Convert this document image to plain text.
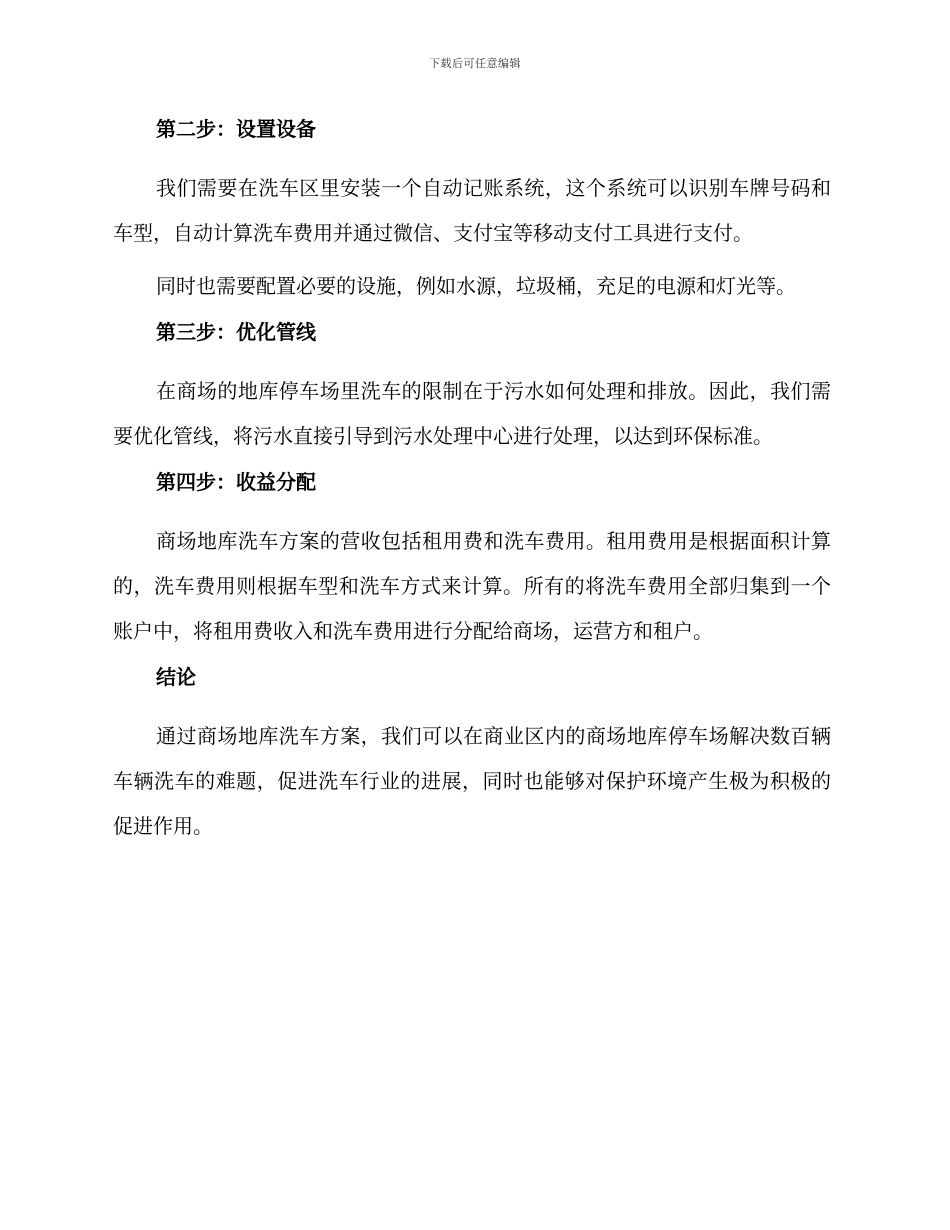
下载后可任意编辑
第二步：设置设备

我们需要在洗车区里安装一个自动记账系统，这个系统可以识别车牌号码和车型，自动计算洗车费用并通过微信、支付宝等移动支付工具进行支付。

同时也需要配置必要的设施，例如水源，垃圾桶，充足的电源和灯光等。

第三步：优化管线

在商场的地库停车场里洗车的限制在于污水如何处理和排放。因此，我们需要优化管线，将污水直接引导到污水处理中心进行处理，以达到环保标准。

第四步：收益分配

商场地库洗车方案的营收包括租用费和洗车费用。租用费用是根据面积计算的，洗车费用则根据车型和洗车方式来计算。所有的将洗车费用全部归集到一个账户中，将租用费收入和洗车费用进行分配给商场，运营方和租户。

结论

通过商场地库洗车方案，我们可以在商业区内的商场地库停车场解决数百辆车辆洗车的难题，促进洗车行业的进展，同时也能够对保护环境产生极为积极的促进作用。
